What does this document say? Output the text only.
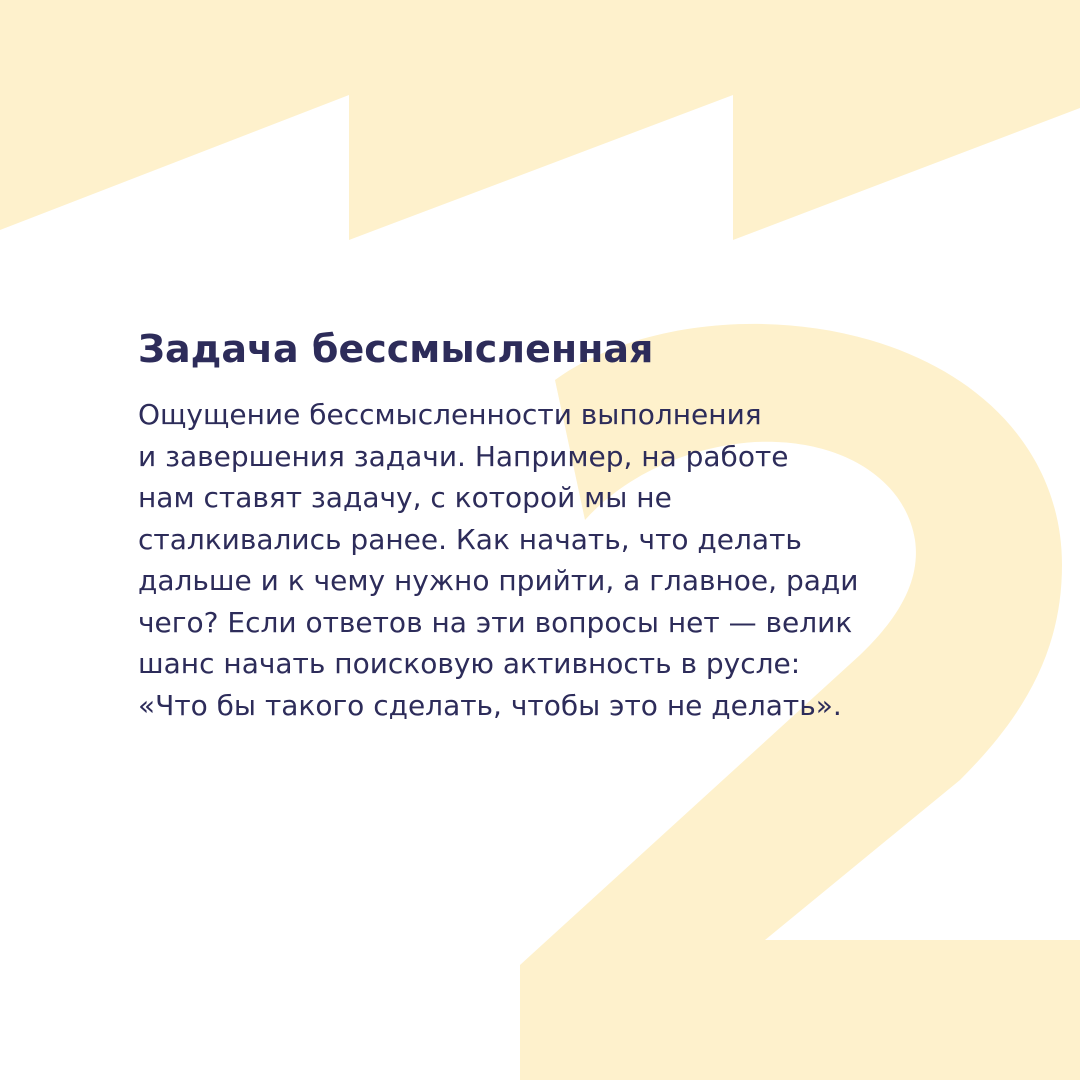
Задача бессмысленная

Ощущение бессмысленности выполнения
и завершения задачи. Например, на работе
нам ставят задачу, с которой мы не
сталкивались ранее. Как начать, что делать
дальше и к чему нужно прийти, а главное, ради
чего? Если ответов на эти вопросы нет — велик
шанс начать поисковую активность в русле:
«Что бы такого сделать, чтобы это не делать».
